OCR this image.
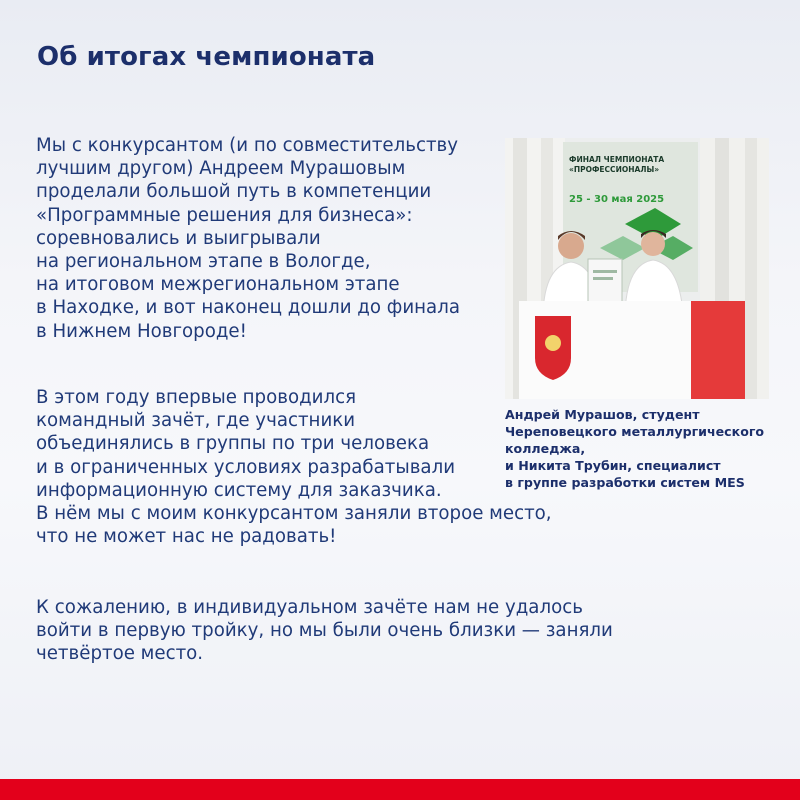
Об итогах чемпионата
Мы с конкурсантом (и по совместительству
лучшим другом) Андреем Мурашовым
проделали большой путь в компетенции
«Программные решения для бизнеса»:
соревновались и выигрывали
на региональном этапе в Вологде,
на итоговом межрегиональном этапе
в Находке, и вот наконец дошли до финала
в Нижнем Новгороде!
В этом году впервые проводился
командный зачёт, где участники
объединялись в группы по три человека
и в ограниченных условиях разрабатывали
информационную систему для заказчика.
В нём мы с моим конкурсантом заняли второе место,
что не может нас не радовать!
К сожалению, в индивидуальном зачёте нам не удалось
войти в первую тройку, но мы были очень близки — заняли
четвёртое место.
ФИНАЛ ЧЕМПИОНАТА
«ПРОФЕССИОНАЛЫ»
25 - 30 мая 2025
Андрей Мурашов, студент
Череповецкого металлургического
колледжа,
и Никита Трубин, специалист
в группе разработки систем MES
